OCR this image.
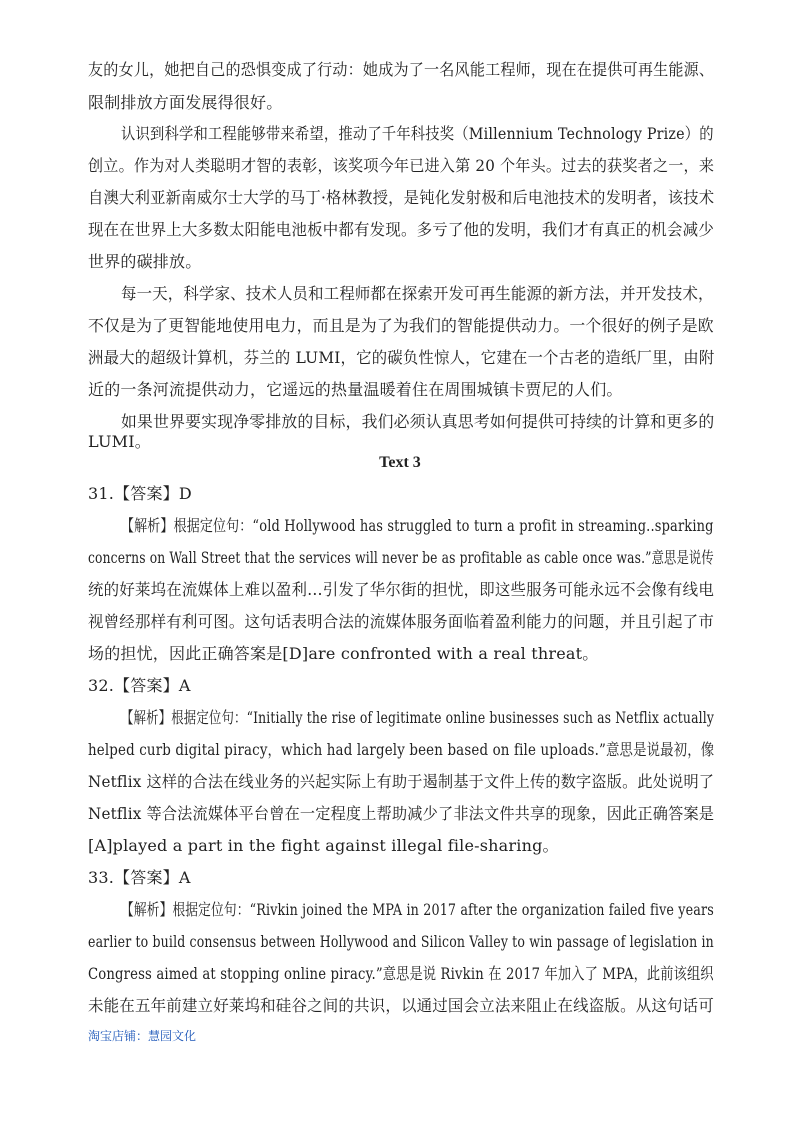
友的女儿，她把自己的恐惧变成了行动：她成为了一名风能工程师，现在在提供可再生能源、
限制排放方面发展得很好。
认识到科学和工程能够带来希望，推动了千年科技奖（Millennium Technology Prize）的
创立。作为对人类聪明才智的表彰，该奖项今年已进入第 20 个年头。过去的获奖者之一，来
自澳大利亚新南威尔士大学的马丁·格林教授，是钝化发射极和后电池技术的发明者，该技术
现在在世界上大多数太阳能电池板中都有发现。多亏了他的发明，我们才有真正的机会减少
世界的碳排放。
每一天，科学家、技术人员和工程师都在探索开发可再生能源的新方法，并开发技术，
不仅是为了更智能地使用电力，而且是为了为我们的智能提供动力。一个很好的例子是欧
洲最大的超级计算机，芬兰的 LUMI，它的碳负性惊人，它建在一个古老的造纸厂里，由附
近的一条河流提供动力，它遥远的热量温暖着住在周围城镇卡贾尼的人们。
如果世界要实现净零排放的目标，我们必须认真思考如何提供可持续的计算和更多的
LUMI。
Text 3
31.【答案】D
【解析】根据定位句：“old Hollywood has struggled to turn a profit in streaming..sparking
concerns on Wall Street that the services will never be as profitable as cable once was.”意思是说传
统的好莱坞在流媒体上难以盈利…引发了华尔街的担忧，即这些服务可能永远不会像有线电
视曾经那样有利可图。这句话表明合法的流媒体服务面临着盈利能力的问题，并且引起了市
场的担忧，因此正确答案是[D]are confronted with a real threat。
32.【答案】A
【解析】根据定位句：“Initially the rise of legitimate online businesses such as Netflix actually
helped curb digital piracy，which had largely been based on file uploads.”意思是说最初，像
Netflix 这样的合法在线业务的兴起实际上有助于遏制基于文件上传的数字盗版。此处说明了
Netflix 等合法流媒体平台曾在一定程度上帮助减少了非法文件共享的现象，因此正确答案是
[A]played a part in the fight against illegal file-sharing。
33.【答案】A
【解析】根据定位句：“Rivkin joined the MPA in 2017 after the organization failed five years
earlier to build consensus between Hollywood and Silicon Valley to win passage of legislation in
Congress aimed at stopping online piracy.”意思是说 Rivkin 在 2017 年加入了 MPA，此前该组织
未能在五年前建立好莱坞和硅谷之间的共识，以通过国会立法来阻止在线盗版。从这句话可
淘宝店铺：慧园文化
